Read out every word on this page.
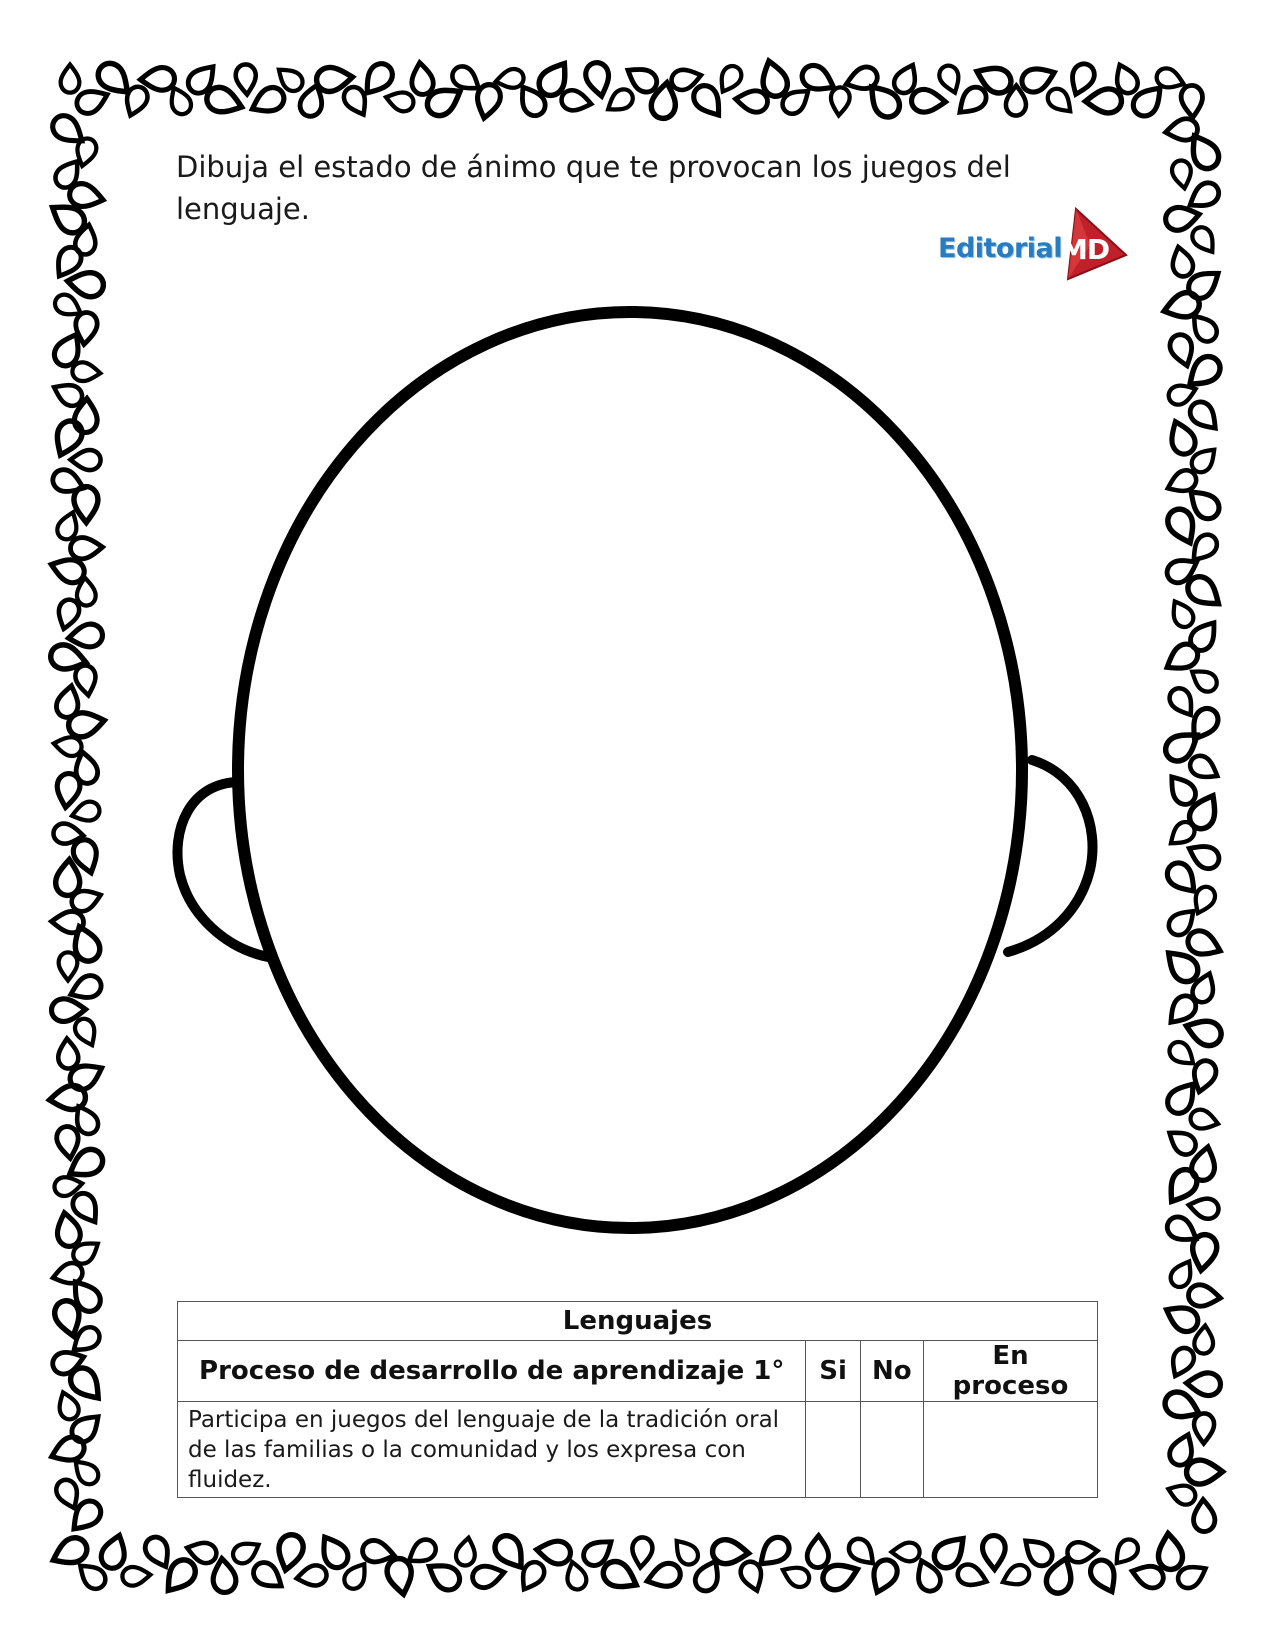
Dibuja el estado de ánimo que te provocan los juegos del lenguaje.
Editorial
MD
Lenguajes			
Proceso de desarrollo de aprendizaje 1°	Si	No	En proceso
Participa en juegos del lenguaje de la tradición oral de las familias o la comunidad y los expresa con fluidez.			
